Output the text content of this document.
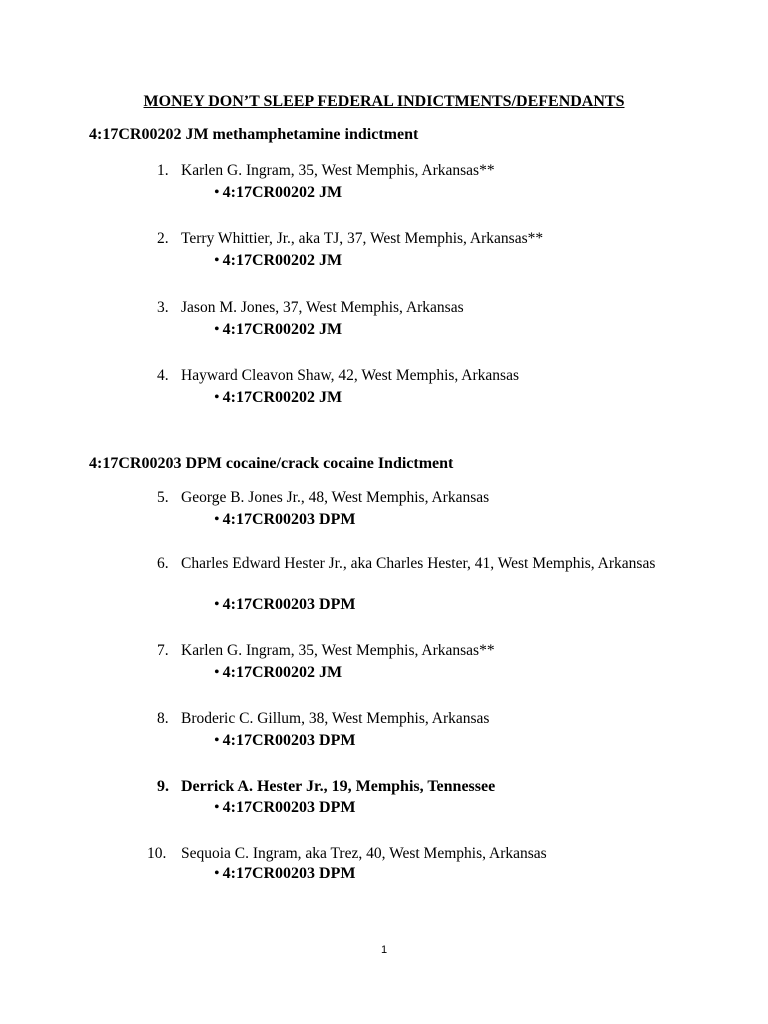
MONEY DON’T SLEEP FEDERAL INDICTMENTS/DEFENDANTS
4:17CR00202 JM methamphetamine indictment
1. Karlen G. Ingram, 35, West Memphis, Arkansas**
• 4:17CR00202 JM
2. Terry Whittier, Jr., aka TJ, 37, West Memphis, Arkansas**
• 4:17CR00202 JM
3. Jason M. Jones, 37, West Memphis, Arkansas
• 4:17CR00202 JM
4. Hayward Cleavon Shaw, 42, West Memphis, Arkansas
• 4:17CR00202 JM
4:17CR00203 DPM cocaine/crack cocaine Indictment
5. George B. Jones Jr., 48, West Memphis, Arkansas
• 4:17CR00203 DPM
6. Charles Edward Hester Jr., aka Charles Hester, 41, West Memphis, Arkansas
• 4:17CR00203 DPM
7. Karlen G. Ingram, 35, West Memphis, Arkansas**
• 4:17CR00202 JM
8. Broderic C. Gillum, 38, West Memphis, Arkansas
• 4:17CR00203 DPM
9. Derrick A. Hester Jr., 19, Memphis, Tennessee
• 4:17CR00203 DPM
10. Sequoia C. Ingram, aka Trez, 40, West Memphis, Arkansas
• 4:17CR00203 DPM
1
